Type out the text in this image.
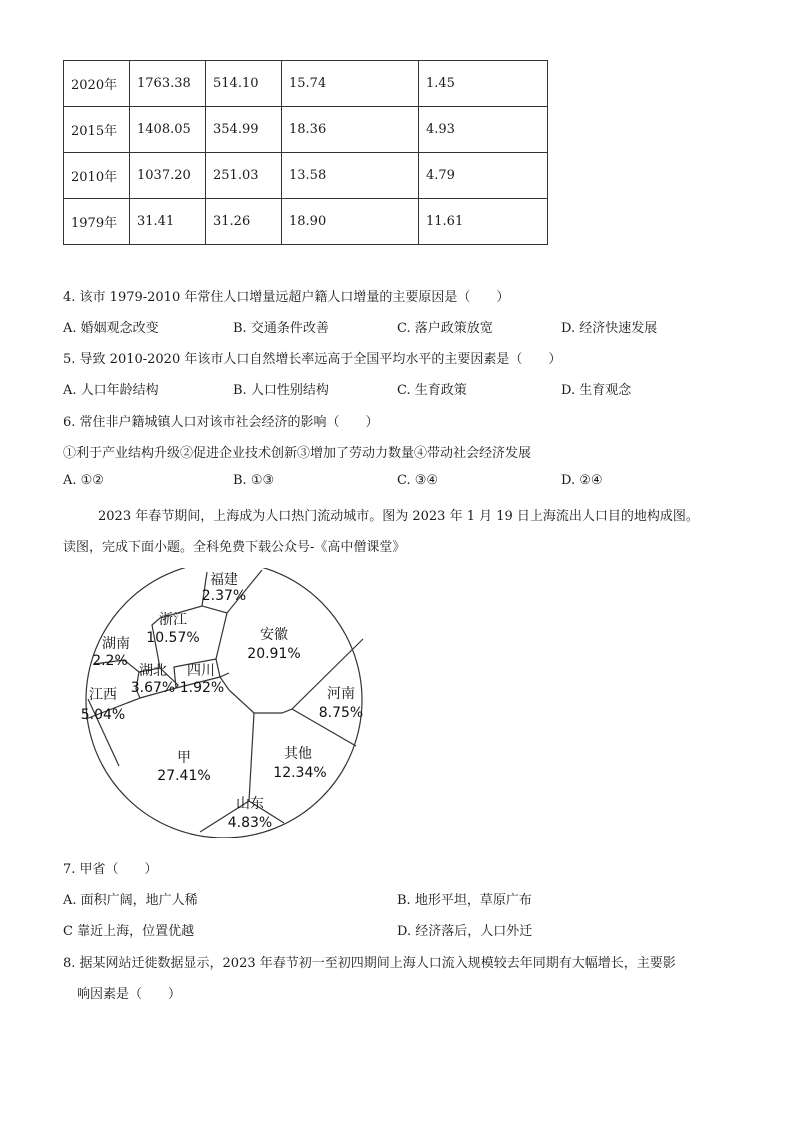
2020年	1763.38	514.10	15.74	1.45
2015年	1408.05	354.99	18.36	4.93
2010年	1037.20	251.03	13.58	4.79
1979年	31.41	31.26	18.90	11.61
4. 该市 1979-2010 年常住人口增量远超户籍人口增量的主要原因是（　　）
A. 婚姻观念改变	B. 交通条件改善	C. 落户政策放宽	D. 经济快速发展
5. 导致 2010-2020 年该市人口自然增长率远高于全国平均水平的主要因素是（　　）
A. 人口年龄结构	B. 人口性别结构	C. 生育政策	D. 生育观念
6. 常住非户籍城镇人口对该市社会经济的影响（　　）
①利于产业结构升级②促进企业技术创新③增加了劳动力数量④带动社会经济发展
A. ①②	B. ①③	C. ③④	D. ②④
2023 年春节期间，上海成为人口热门流动城市。图为 2023 年 1 月 19 日上海流出人口目的地构成图。
读图，完成下面小题。全科免费下载公众号-《高中僧课堂》
福建
2.37%
浙江
10.57%
湖南
2.2%
湖北
3.67%
四川
1.92%
江西
5.04%
安徽
20.91%
河南
8.75%
甲
27.41%
其他
12.34%
山东
4.83%
7. 甲省（　　）
A. 面积广阔，地广人稀	B. 地形平坦，草原广布
C 靠近上海，位置优越	D. 经济落后，人口外迁
8. 据某网站迁徙数据显示，2023 年春节初一至初四期间上海人口流入规模较去年同期有大幅增长，主要影
响因素是（　　）
